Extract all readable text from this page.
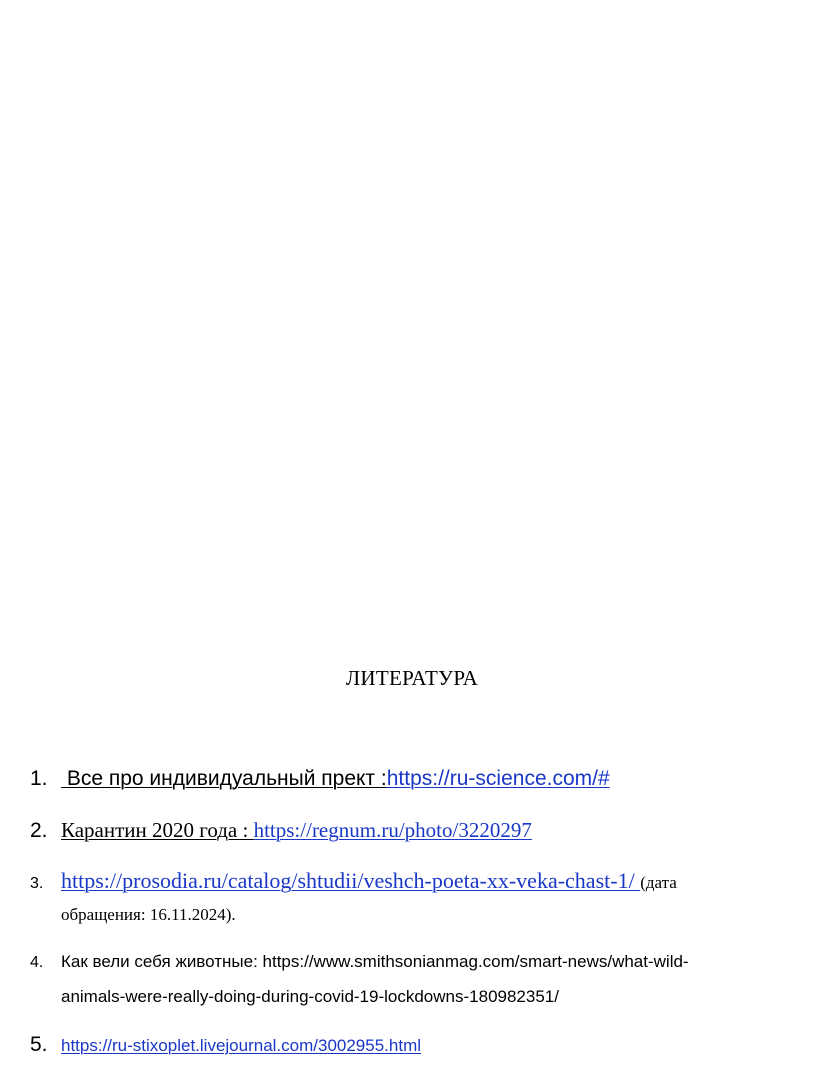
ЛИТЕРАТУРА
1. Все про индивидуальный прект :https://ru-science.com/#
2. Карантин 2020 года : https://regnum.ru/photo/3220297
3. https://prosodia.ru/catalog/shtudii/veshch-poeta-xx-veka-chast-1/ (дата
обращения: 16.11.2024).
4. Как вели себя животные: https://www.smithsonianmag.com/smart-news/what-wild-
animals-were-really-doing-during-covid-19-lockdowns-180982351/
5. https://ru-stixoplet.livejournal.com/3002955.html
